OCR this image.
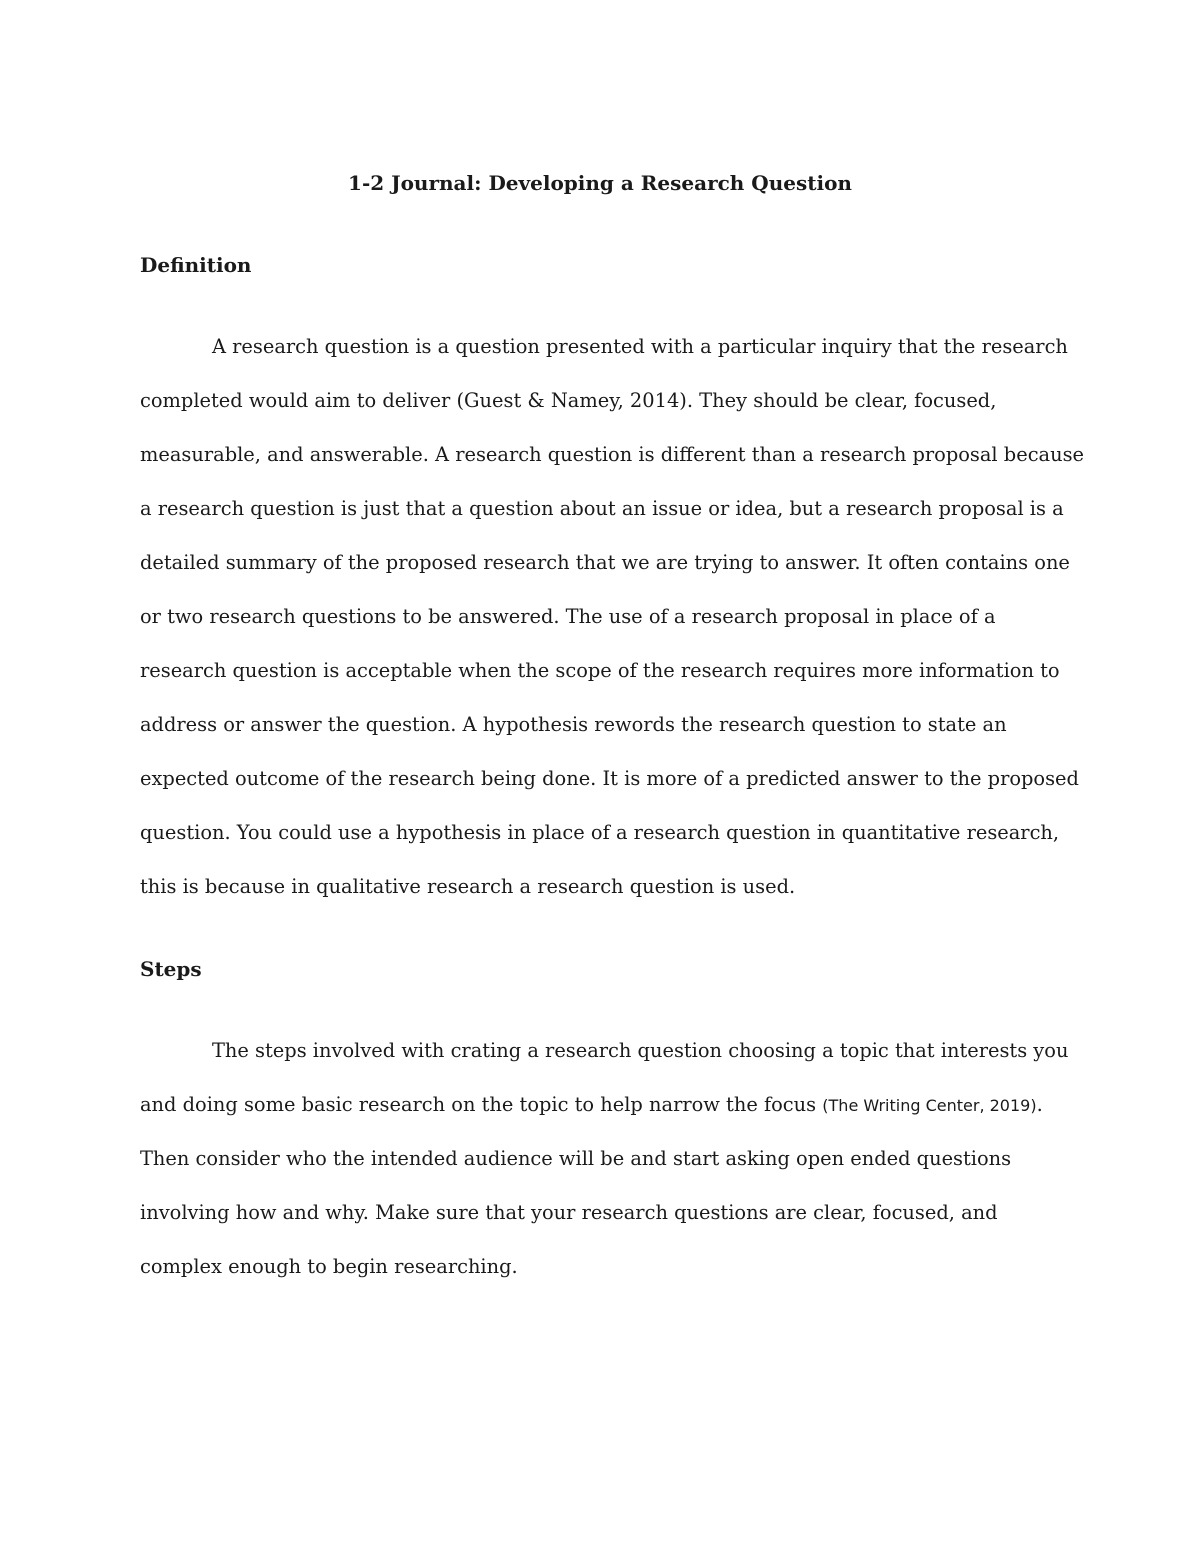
1-2 Journal: Developing a Research Question
Definition

A research question is a question presented with a particular inquiry that the research

completed would aim to deliver (Guest & Namey, 2014). They should be clear, focused,

measurable, and answerable. A research question is different than a research proposal because

a research question is just that a question about an issue or idea, but a research proposal is a

detailed summary of the proposed research that we are trying to answer. It often contains one

or two research questions to be answered. The use of a research proposal in place of a

research question is acceptable when the scope of the research requires more information to

address or answer the question. A hypothesis rewords the research question to state an

expected outcome of the research being done. It is more of a predicted answer to the proposed

question. You could use a hypothesis in place of a research question in quantitative research,

this is because in qualitative research a research question is used.

Steps

The steps involved with crating a research question choosing a topic that interests you

and doing some basic research on the topic to help narrow the focus (The Writing Center, 2019).

Then consider who the intended audience will be and start asking open ended questions

involving how and why. Make sure that your research questions are clear, focused, and

complex enough to begin researching.
